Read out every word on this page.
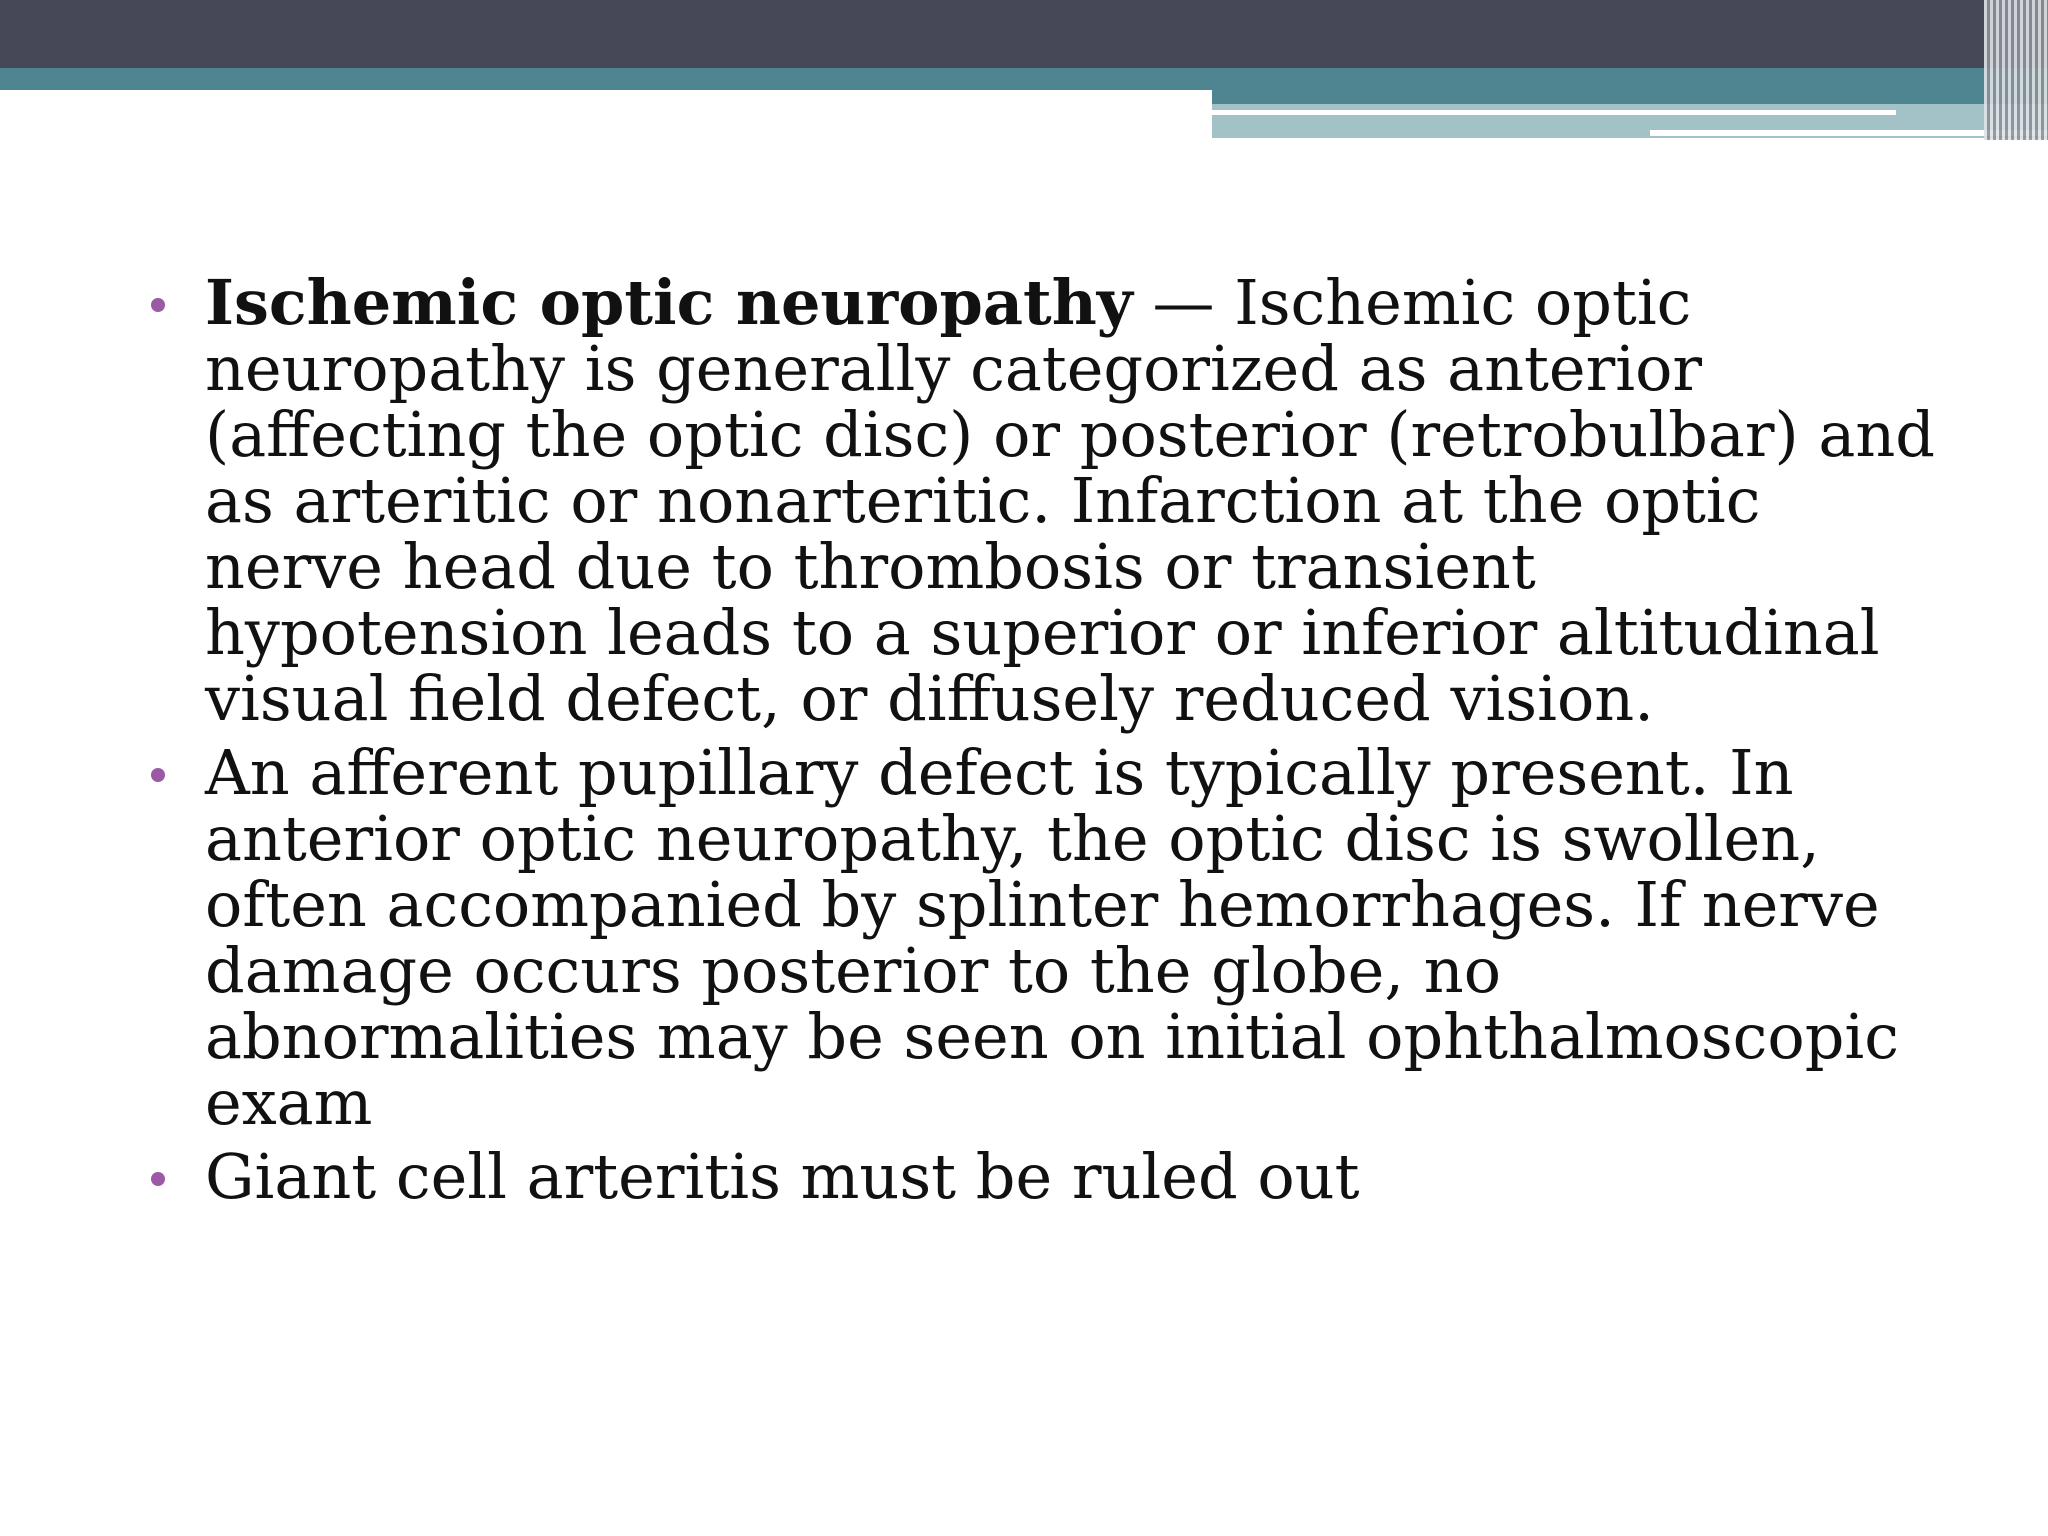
Ischemic optic neuropathy — Ischemic optic neuropathy is generally categorized as anterior (affecting the optic disc) or posterior (retrobulbar) and as arteritic or nonarteritic. Infarction at the optic nerve head due to thrombosis or transient hypotension leads to a superior or inferior altitudinal visual field defect, or diffusely reduced vision.
An afferent pupillary defect is typically present. In anterior optic neuropathy, the optic disc is swollen, often accompanied by splinter hemorrhages. If nerve damage occurs posterior to the globe, no abnormalities may be seen on initial ophthalmoscopic exam
Giant cell arteritis must be ruled out
